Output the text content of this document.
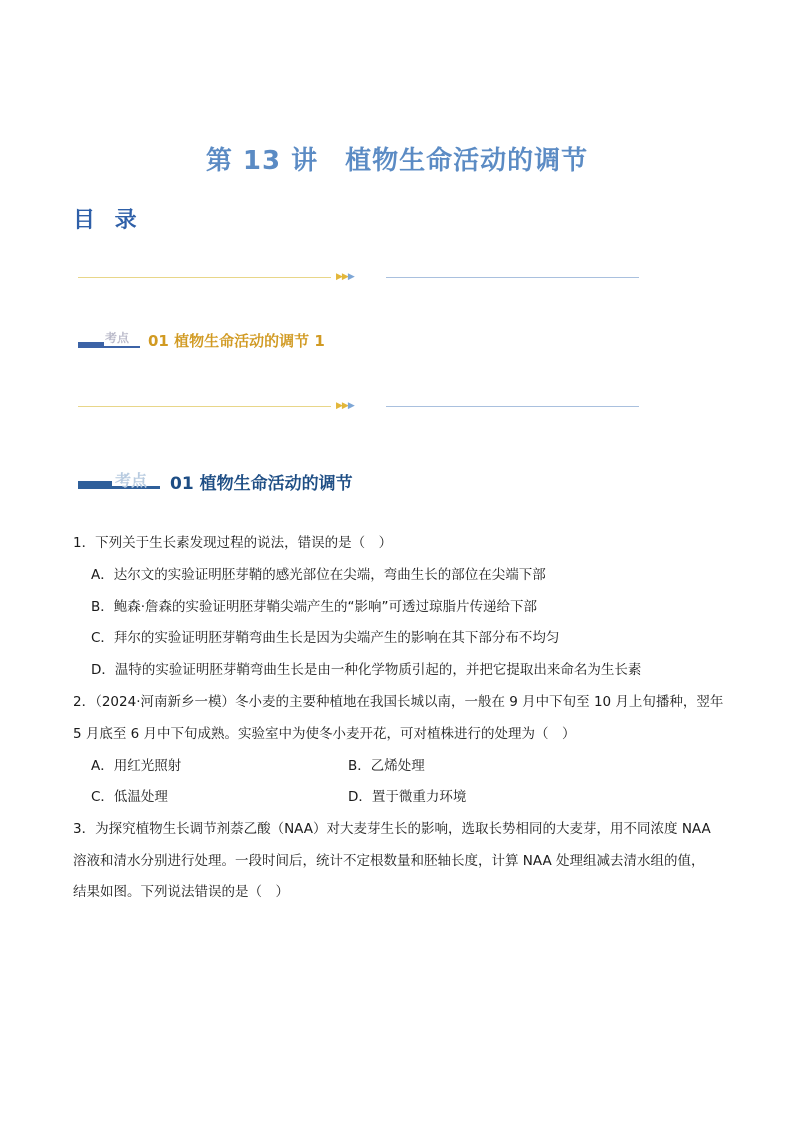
第 13 讲　植物生命活动的调节
目 录
▶▶▶
考点 01 植物生命活动的调节 1
▶▶▶
考点 01 植物生命活动的调节
1．下列关于生长素发现过程的说法，错误的是（　）
A．达尔文的实验证明胚芽鞘的感光部位在尖端，弯曲生长的部位在尖端下部
B．鲍森·詹森的实验证明胚芽鞘尖端产生的“影响”可透过琼脂片传递给下部
C．拜尔的实验证明胚芽鞘弯曲生长是因为尖端产生的影响在其下部分布不均匀
D．温特的实验证明胚芽鞘弯曲生长是由一种化学物质引起的，并把它提取出来命名为生长素
2．（2024·河南新乡一模）冬小麦的主要种植地在我国长城以南，一般在 9 月中下旬至 10 月上旬播种，翌年
5 月底至 6 月中下旬成熟。实验室中为使冬小麦开花，可对植株进行的处理为（　）
A．用红光照射	B．乙烯处理
C．低温处理	D．置于微重力环境
3．为探究植物生长调节剂萘乙酸（NAA）对大麦芽生长的影响，选取长势相同的大麦芽，用不同浓度 NAA
溶液和清水分别进行处理。一段时间后，统计不定根数量和胚轴长度，计算 NAA 处理组减去清水组的值，
结果如图。下列说法错误的是（　）
